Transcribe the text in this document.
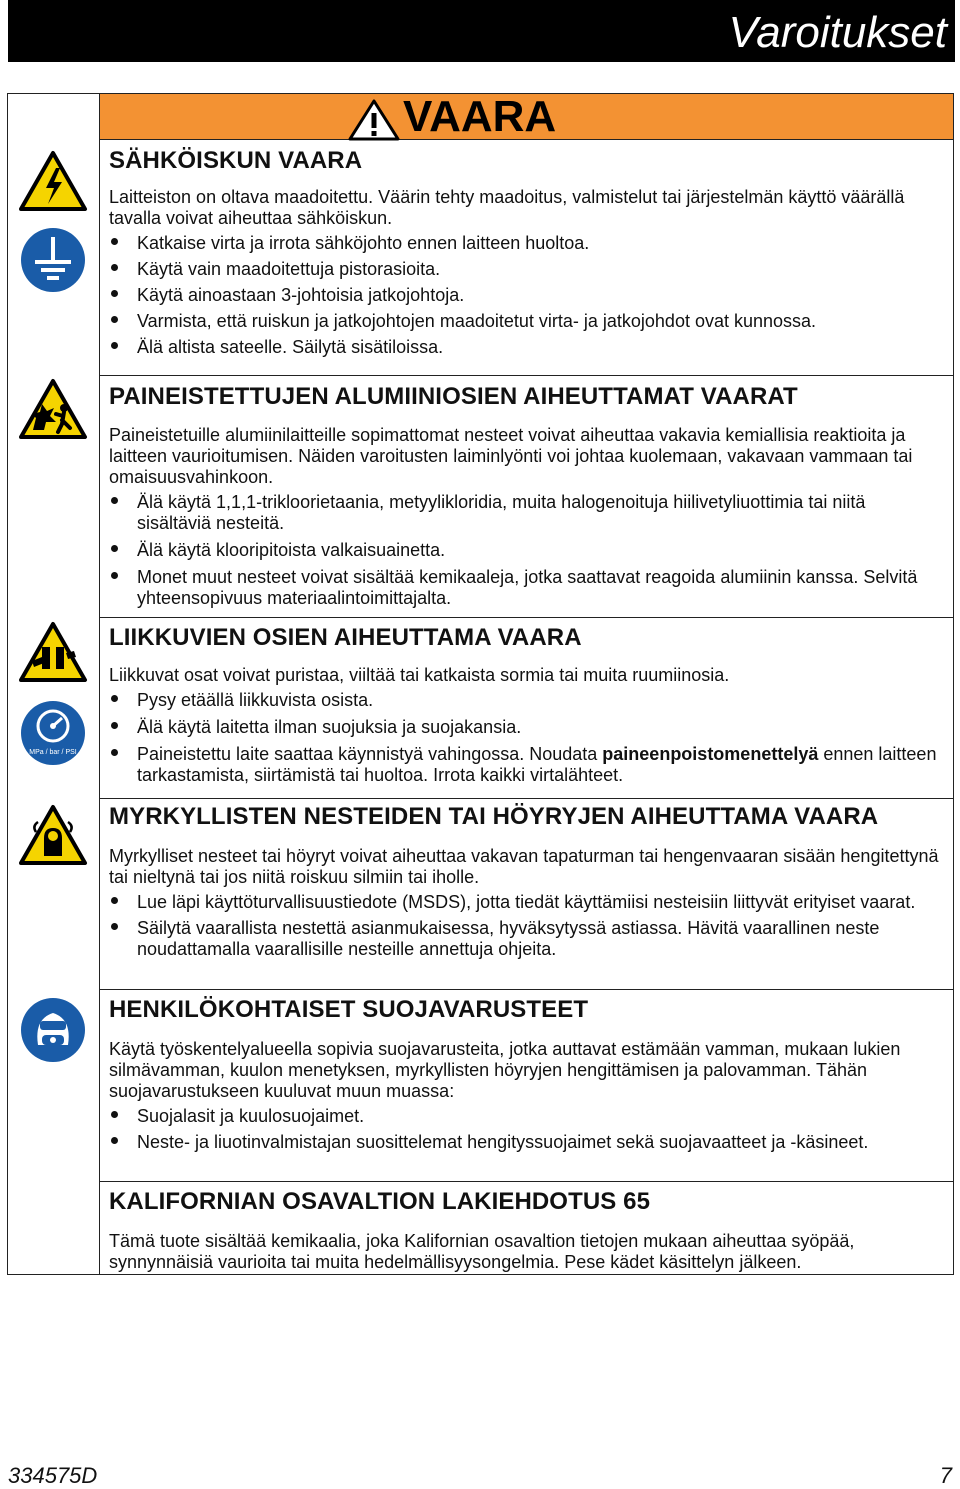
Varoitukset
VAARA
MPa / bar / PSI
SÄHKÖISKUN VAARA

Laitteiston on oltava maadoitettu. Väärin tehty maadoitus, valmistelut tai järjestelmän käyttö väärällä tavalla voivat aiheuttaa sähköiskun.

Katkaise virta ja irrota sähköjohto ennen laitteen huoltoa.
Käytä vain maadoitettuja pistorasioita.
Käytä ainoastaan 3-johtoisia jatkojohtoja.
Varmista, että ruiskun ja jatkojohtojen maadoitetut virta- ja jatkojohdot ovat kunnossa.
Älä altista sateelle. Säilytä sisätiloissa.
PAINEISTETTUJEN ALUMIINIOSIEN AIHEUTTAMAT VAARAT

Paineistetuille alumiinilaitteille sopimattomat nesteet voivat aiheuttaa vakavia kemiallisia reaktioita ja laitteen vaurioitumisen. Näiden varoitusten laiminlyönti voi johtaa kuolemaan, vakavaan vammaan tai omaisuusvahinkoon.

Älä käytä 1,1,1-trikloorietaania, metyylikloridia, muita halogenoituja hiilivetyliuottimia tai niitä sisältäviä nesteitä.
Älä käytä klooripitoista valkaisuainetta.
Monet muut nesteet voivat sisältää kemikaaleja, jotka saattavat reagoida alumiinin kanssa. Selvitä yhteensopivuus materiaalintoimittajalta.
LIIKKUVIEN OSIEN AIHEUTTAMA VAARA

Liikkuvat osat voivat puristaa, viiltää tai katkaista sormia tai muita ruumiinosia.

Pysy etäällä liikkuvista osista.
Älä käytä laitetta ilman suojuksia ja suojakansia.
Paineistettu laite saattaa käynnistyä vahingossa. Noudata paineenpoistomenettelyä ennen laitteen tarkastamista, siirtämistä tai huoltoa. Irrota kaikki virtalähteet.
MYRKYLLISTEN NESTEIDEN TAI HÖYRYJEN AIHEUTTAMA VAARA

Myrkylliset nesteet tai höyryt voivat aiheuttaa vakavan tapaturman tai hengenvaaran sisään hengitettynä tai nieltynä tai jos niitä roiskuu silmiin tai iholle.

Lue läpi käyttöturvallisuustiedote (MSDS), jotta tiedät käyttämiisi nesteisiin liittyvät erityiset vaarat.
Säilytä vaarallista nestettä asianmukaisessa, hyväksytyssä astiassa. Hävitä vaarallinen neste noudattamalla vaarallisille nesteille annettuja ohjeita.
HENKILÖKOHTAISET SUOJAVARUSTEET

Käytä työskentelyalueella sopivia suojavarusteita, jotka auttavat estämään vamman, mukaan lukien silmävamman, kuulon menetyksen, myrkyllisten höyryjen hengittämisen ja palovamman. Tähän suojavarustukseen kuuluvat muun muassa:

Suojalasit ja kuulosuojaimet.
Neste- ja liuotinvalmistajan suosittelemat hengityssuojaimet sekä suojavaatteet ja -käsineet.
KALIFORNIAN OSAVALTION LAKIEHDOTUS 65

Tämä tuote sisältää kemikaalia, joka Kalifornian osavaltion tietojen mukaan aiheuttaa syöpää, synnynnäisiä vaurioita tai muita hedelmällisyysongelmia. Pese kädet käsittelyn jälkeen.

334575D	7
